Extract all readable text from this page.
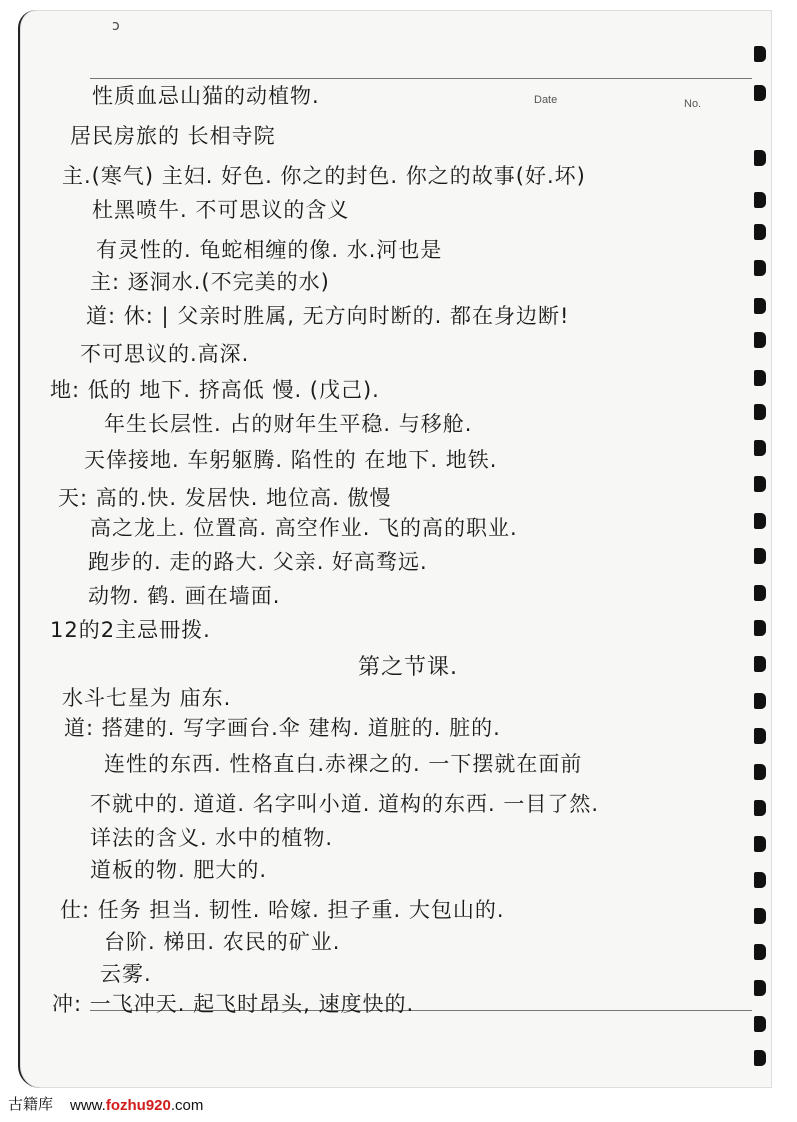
Date	No.
ↄ
性质血忌山猫的动植物.
居民房旅的 长相寺院
主.(寒气) 主妇. 好色. 你之的封色. 你之的故事(好.坏)
杜黑喷牛. 不可思议的含义
有灵性的. 龟蛇相缠的像. 水.河也是
主: 逐洞水.(不完美的水)
道: 休: | 父亲时胜属, 无方向时断的. 都在身边断!
不可思议的.高深.
地: 低的 地下. 挤高低 慢. (戊己).
年生长层性. 占的财年生平稳. 与移舱.
天倖接地. 车躬躯腾. 陷性的 在地下. 地铁.
天: 高的.快. 发居快. 地位高. 傲慢
高之龙上. 位置高. 高空作业. 飞的高的职业.
跑步的. 走的路大. 父亲. 好高骛远.
动物. 鹤. 画在墙面.
12的2主忌冊拨.
第之节课.
水斗七星为 庙东.
道: 搭建的. 写字画台.伞 建构. 道脏的. 脏的.
连性的东西. 性格直白.赤裸之的. 一下摆就在面前
不就中的. 道道. 名字叫小道. 道构的东西. 一目了然.
详法的含义. 水中的植物.
道板的物. 肥大的.
仕: 任务 担当. 韧性. 哈嫁. 担子重. 大包山的.
台阶. 梯田. 农民的矿业.
云雾.
冲: 一飞冲天. 起飞时昂头, 速度快的.
古籍库 www.fozhu920.com
